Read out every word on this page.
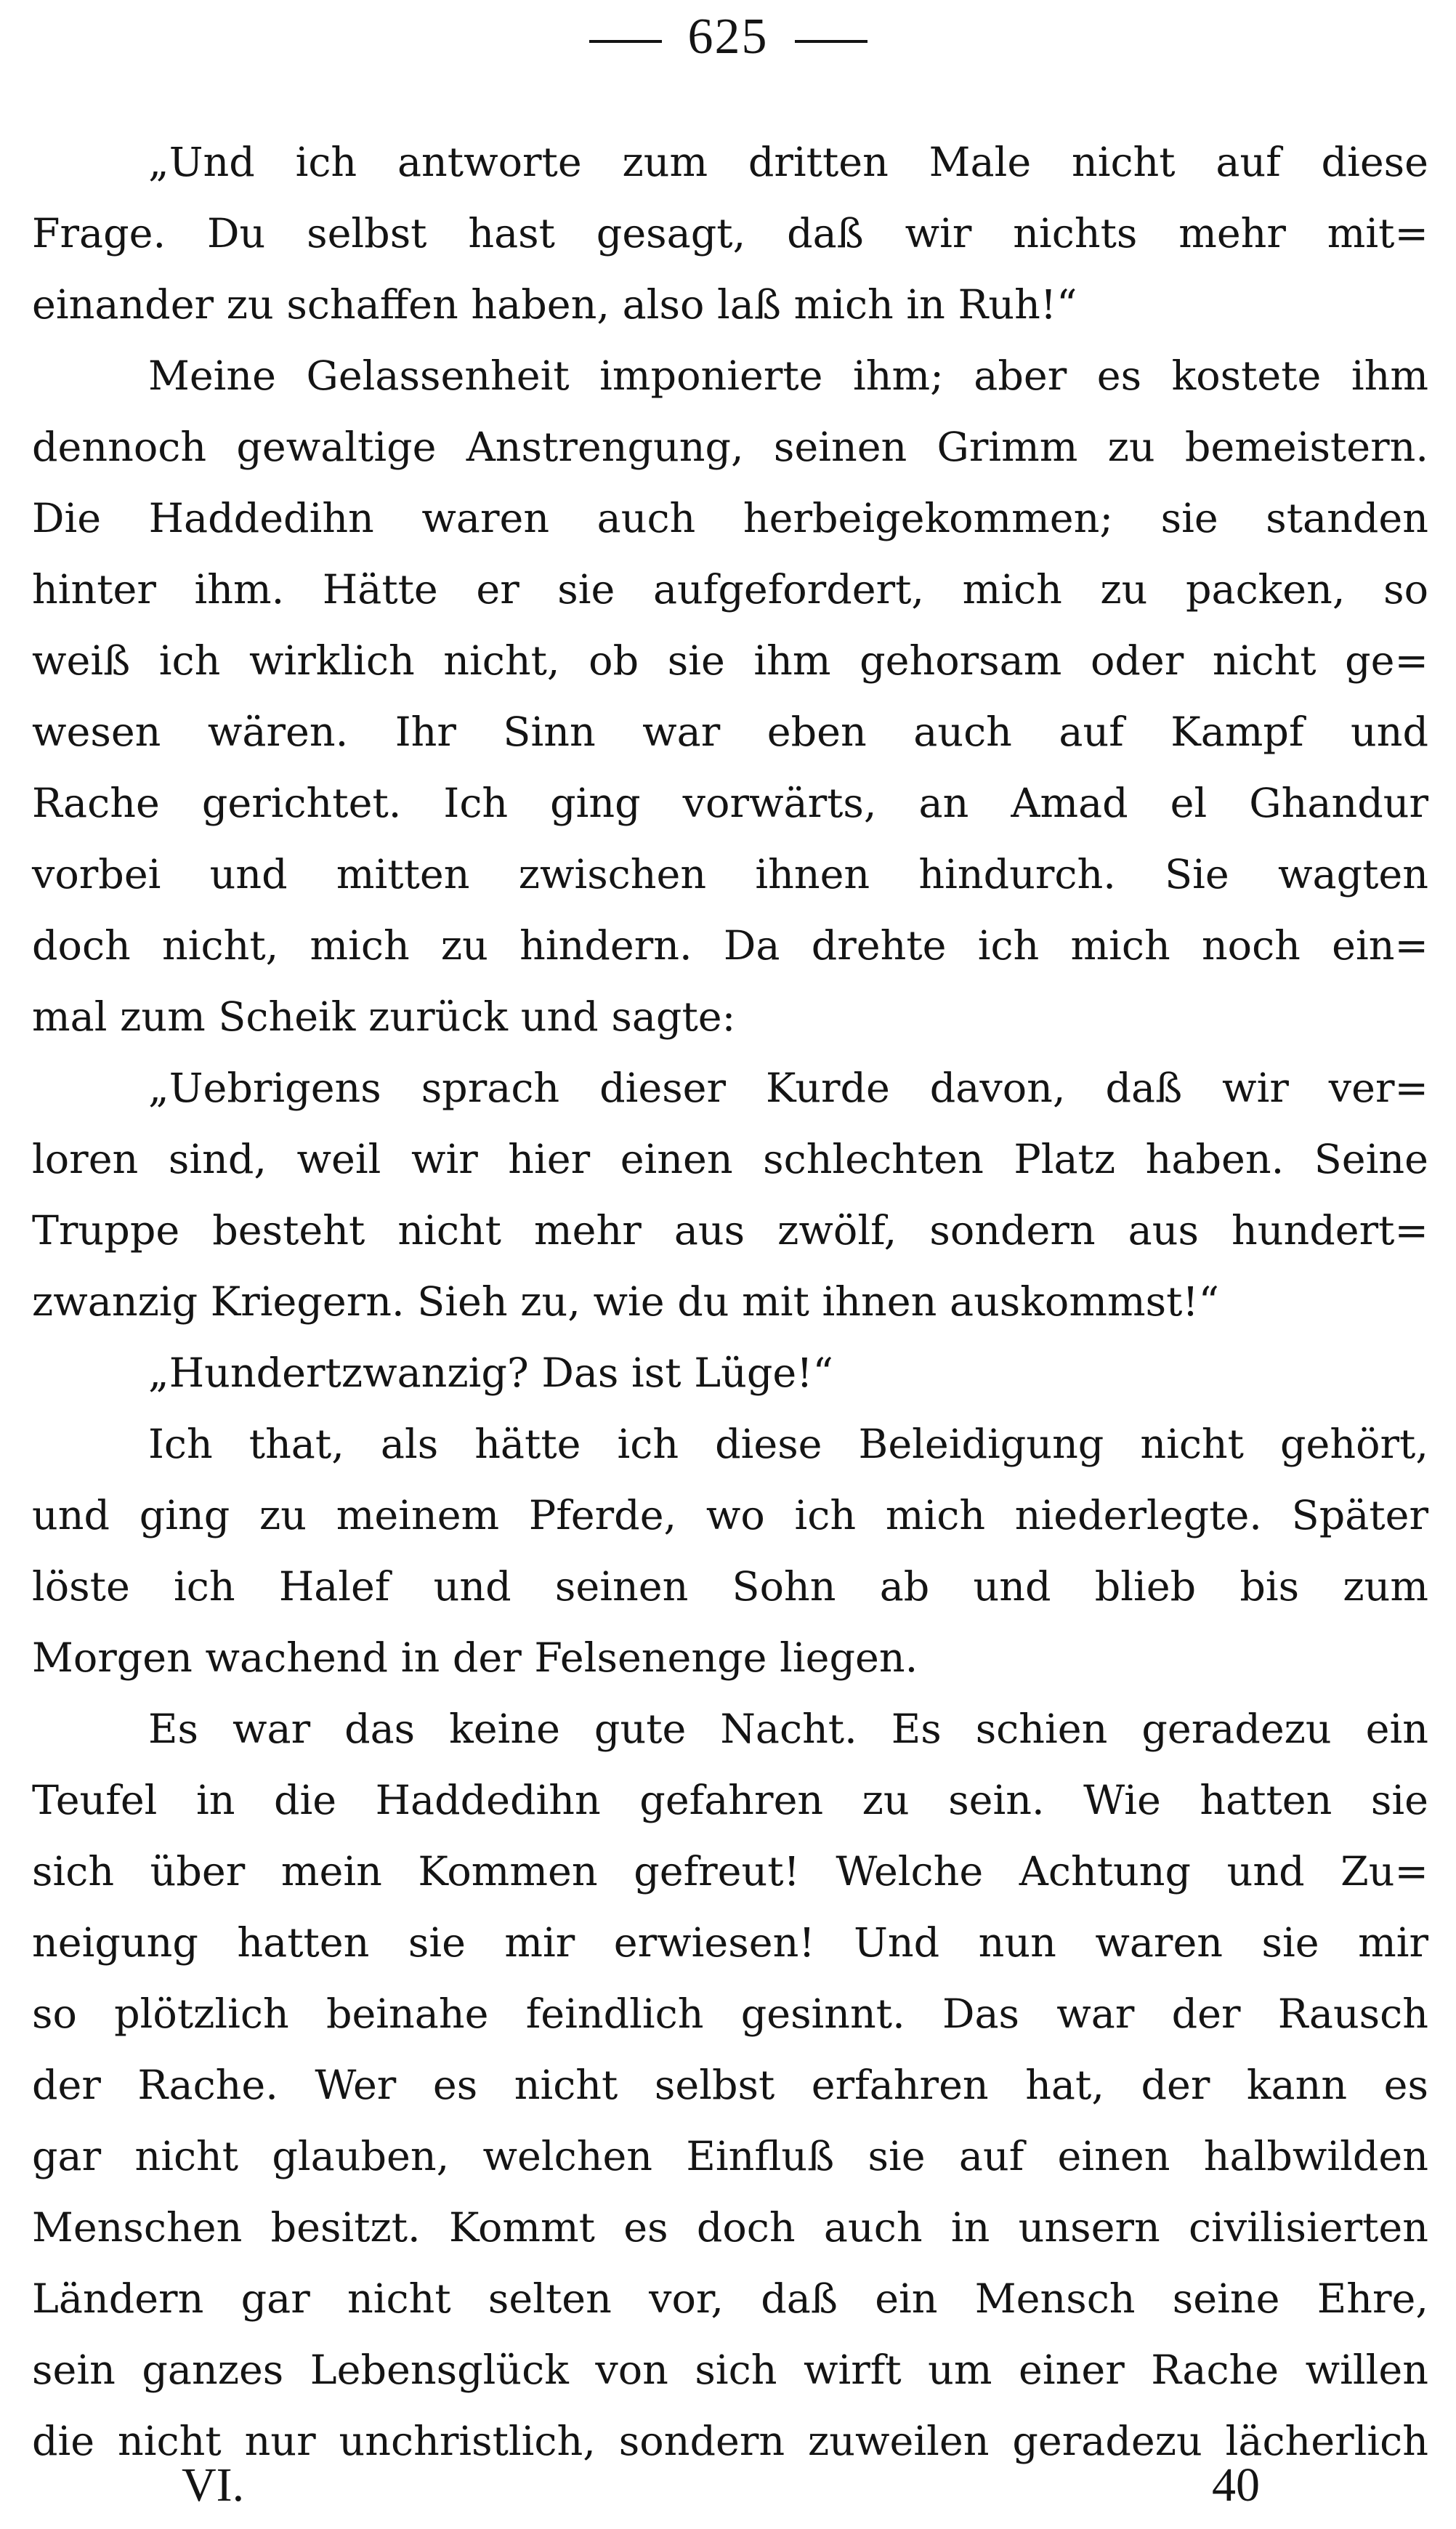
625
„Und ich antworte zum dritten Male nicht auf diese
Frage. Du selbst hast gesagt, daß wir nichts mehr mit=
einander zu schaffen haben, also laß mich in Ruh!“
Meine Gelassenheit imponierte ihm; aber es kostete ihm
dennoch gewaltige Anstrengung, seinen Grimm zu bemeistern.
Die Haddedihn waren auch herbeigekommen; sie standen
hinter ihm. Hätte er sie aufgefordert, mich zu packen, so
weiß ich wirklich nicht, ob sie ihm gehorsam oder nicht ge=
wesen wären. Ihr Sinn war eben auch auf Kampf und
Rache gerichtet. Ich ging vorwärts, an Amad el Ghandur
vorbei und mitten zwischen ihnen hindurch. Sie wagten
doch nicht, mich zu hindern. Da drehte ich mich noch ein=
mal zum Scheik zurück und sagte:
„Uebrigens sprach dieser Kurde davon, daß wir ver=
loren sind, weil wir hier einen schlechten Platz haben. Seine
Truppe besteht nicht mehr aus zwölf, sondern aus hundert=
zwanzig Kriegern. Sieh zu, wie du mit ihnen auskommst!“
„Hundertzwanzig? Das ist Lüge!“
Ich that, als hätte ich diese Beleidigung nicht gehört,
und ging zu meinem Pferde, wo ich mich niederlegte. Später
löste ich Halef und seinen Sohn ab und blieb bis zum
Morgen wachend in der Felsenenge liegen.
Es war das keine gute Nacht. Es schien geradezu ein
Teufel in die Haddedihn gefahren zu sein. Wie hatten sie
sich über mein Kommen gefreut! Welche Achtung und Zu=
neigung hatten sie mir erwiesen! Und nun waren sie mir
so plötzlich beinahe feindlich gesinnt. Das war der Rausch
der Rache. Wer es nicht selbst erfahren hat, der kann es
gar nicht glauben, welchen Einfluß sie auf einen halbwilden
Menschen besitzt. Kommt es doch auch in unsern civilisierten
Ländern gar nicht selten vor, daß ein Mensch seine Ehre,
sein ganzes Lebensglück von sich wirft um einer Rache willen
die nicht nur unchristlich, sondern zuweilen geradezu lächerlich
VI.	40
